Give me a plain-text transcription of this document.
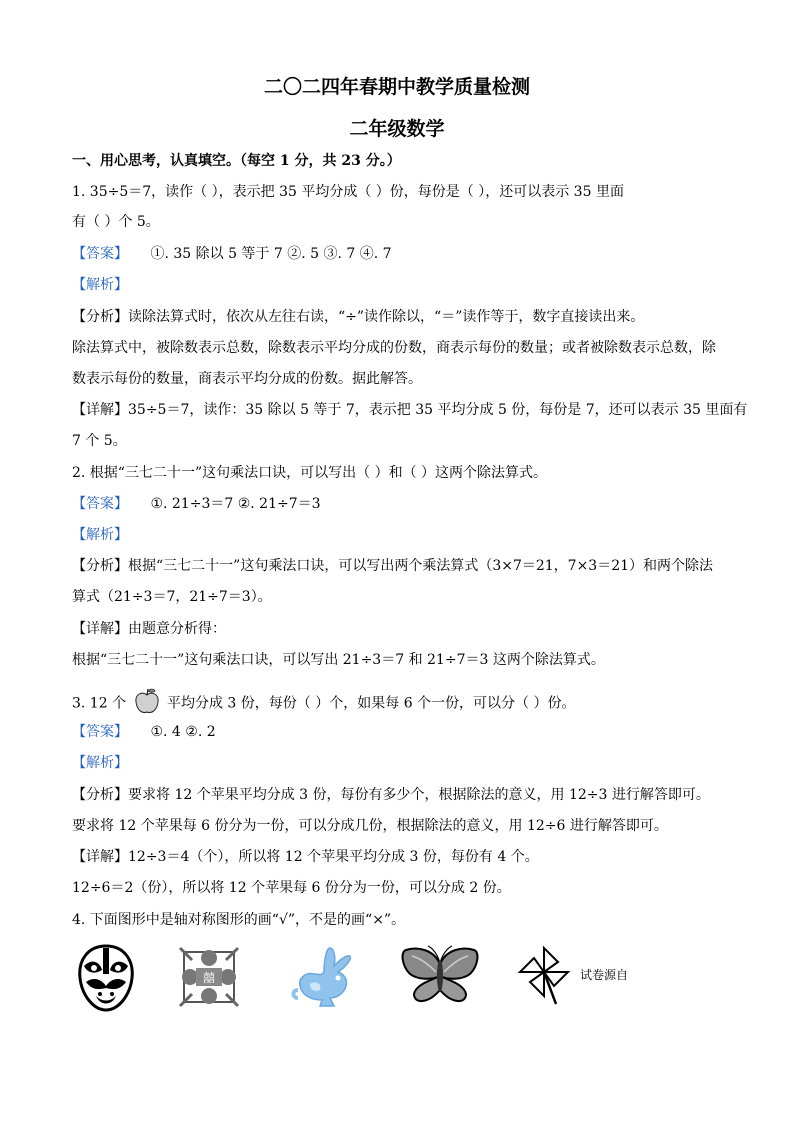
二〇二四年春期中教学质量检测
二年级数学
一、用心思考，认真填空。（每空 1 分，共 23 分。）
1. 35÷5＝7，读作（ ），表示把 35 平均分成（ ）份，每份是（ ），还可以表示 35 里面
有（ ）个 5。
【答案】 ①. 35 除以 5 等于 7 ②. 5 ③. 7 ④. 7
【解析】
【分析】读除法算式时，依次从左往右读，“÷”读作除以，“＝”读作等于，数字直接读出来。
除法算式中，被除数表示总数，除数表示平均分成的份数，商表示每份的数量；或者被除数表示总数，除
数表示每份的数量，商表示平均分成的份数。据此解答。
【详解】35÷5＝7，读作：35 除以 5 等于 7，表示把 35 平均分成 5 份，每份是 7，还可以表示 35 里面有
7 个 5。
2. 根据“三七二十一”这句乘法口诀，可以写出（ ）和（ ）这两个除法算式。
【答案】 ①. 21÷3＝7 ②. 21÷7＝3
【解析】
【分析】根据“三七二十一”这句乘法口诀，可以写出两个乘法算式（3×7＝21，7×3＝21）和两个除法
算式（21÷3＝7，21÷7＝3）。
【详解】由题意分析得：
根据“三七二十一”这句乘法口诀，可以写出 21÷3＝7 和 21÷7＝3 这两个除法算式。
3. 12 个	平均分成 3 份，每份（ ）个，如果每 6 个一份，可以分（ ）份。
【答案】 ①. 4 ②. 2
【解析】
【分析】要求将 12 个苹果平均分成 3 份，每份有多少个，根据除法的意义，用 12÷3 进行解答即可。
要求将 12 个苹果每 6 份分为一份，可以分成几份，根据除法的意义，用 12÷6 进行解答即可。
【详解】12÷3＝4（个），所以将 12 个苹果平均分成 3 份，每份有 4 个。
12÷6＝2（份），所以将 12 个苹果每 6 份分为一份，可以分成 2 份。
4. 下面图形中是轴对称图形的画“√”，不是的画“×”。
囍	试卷源自
